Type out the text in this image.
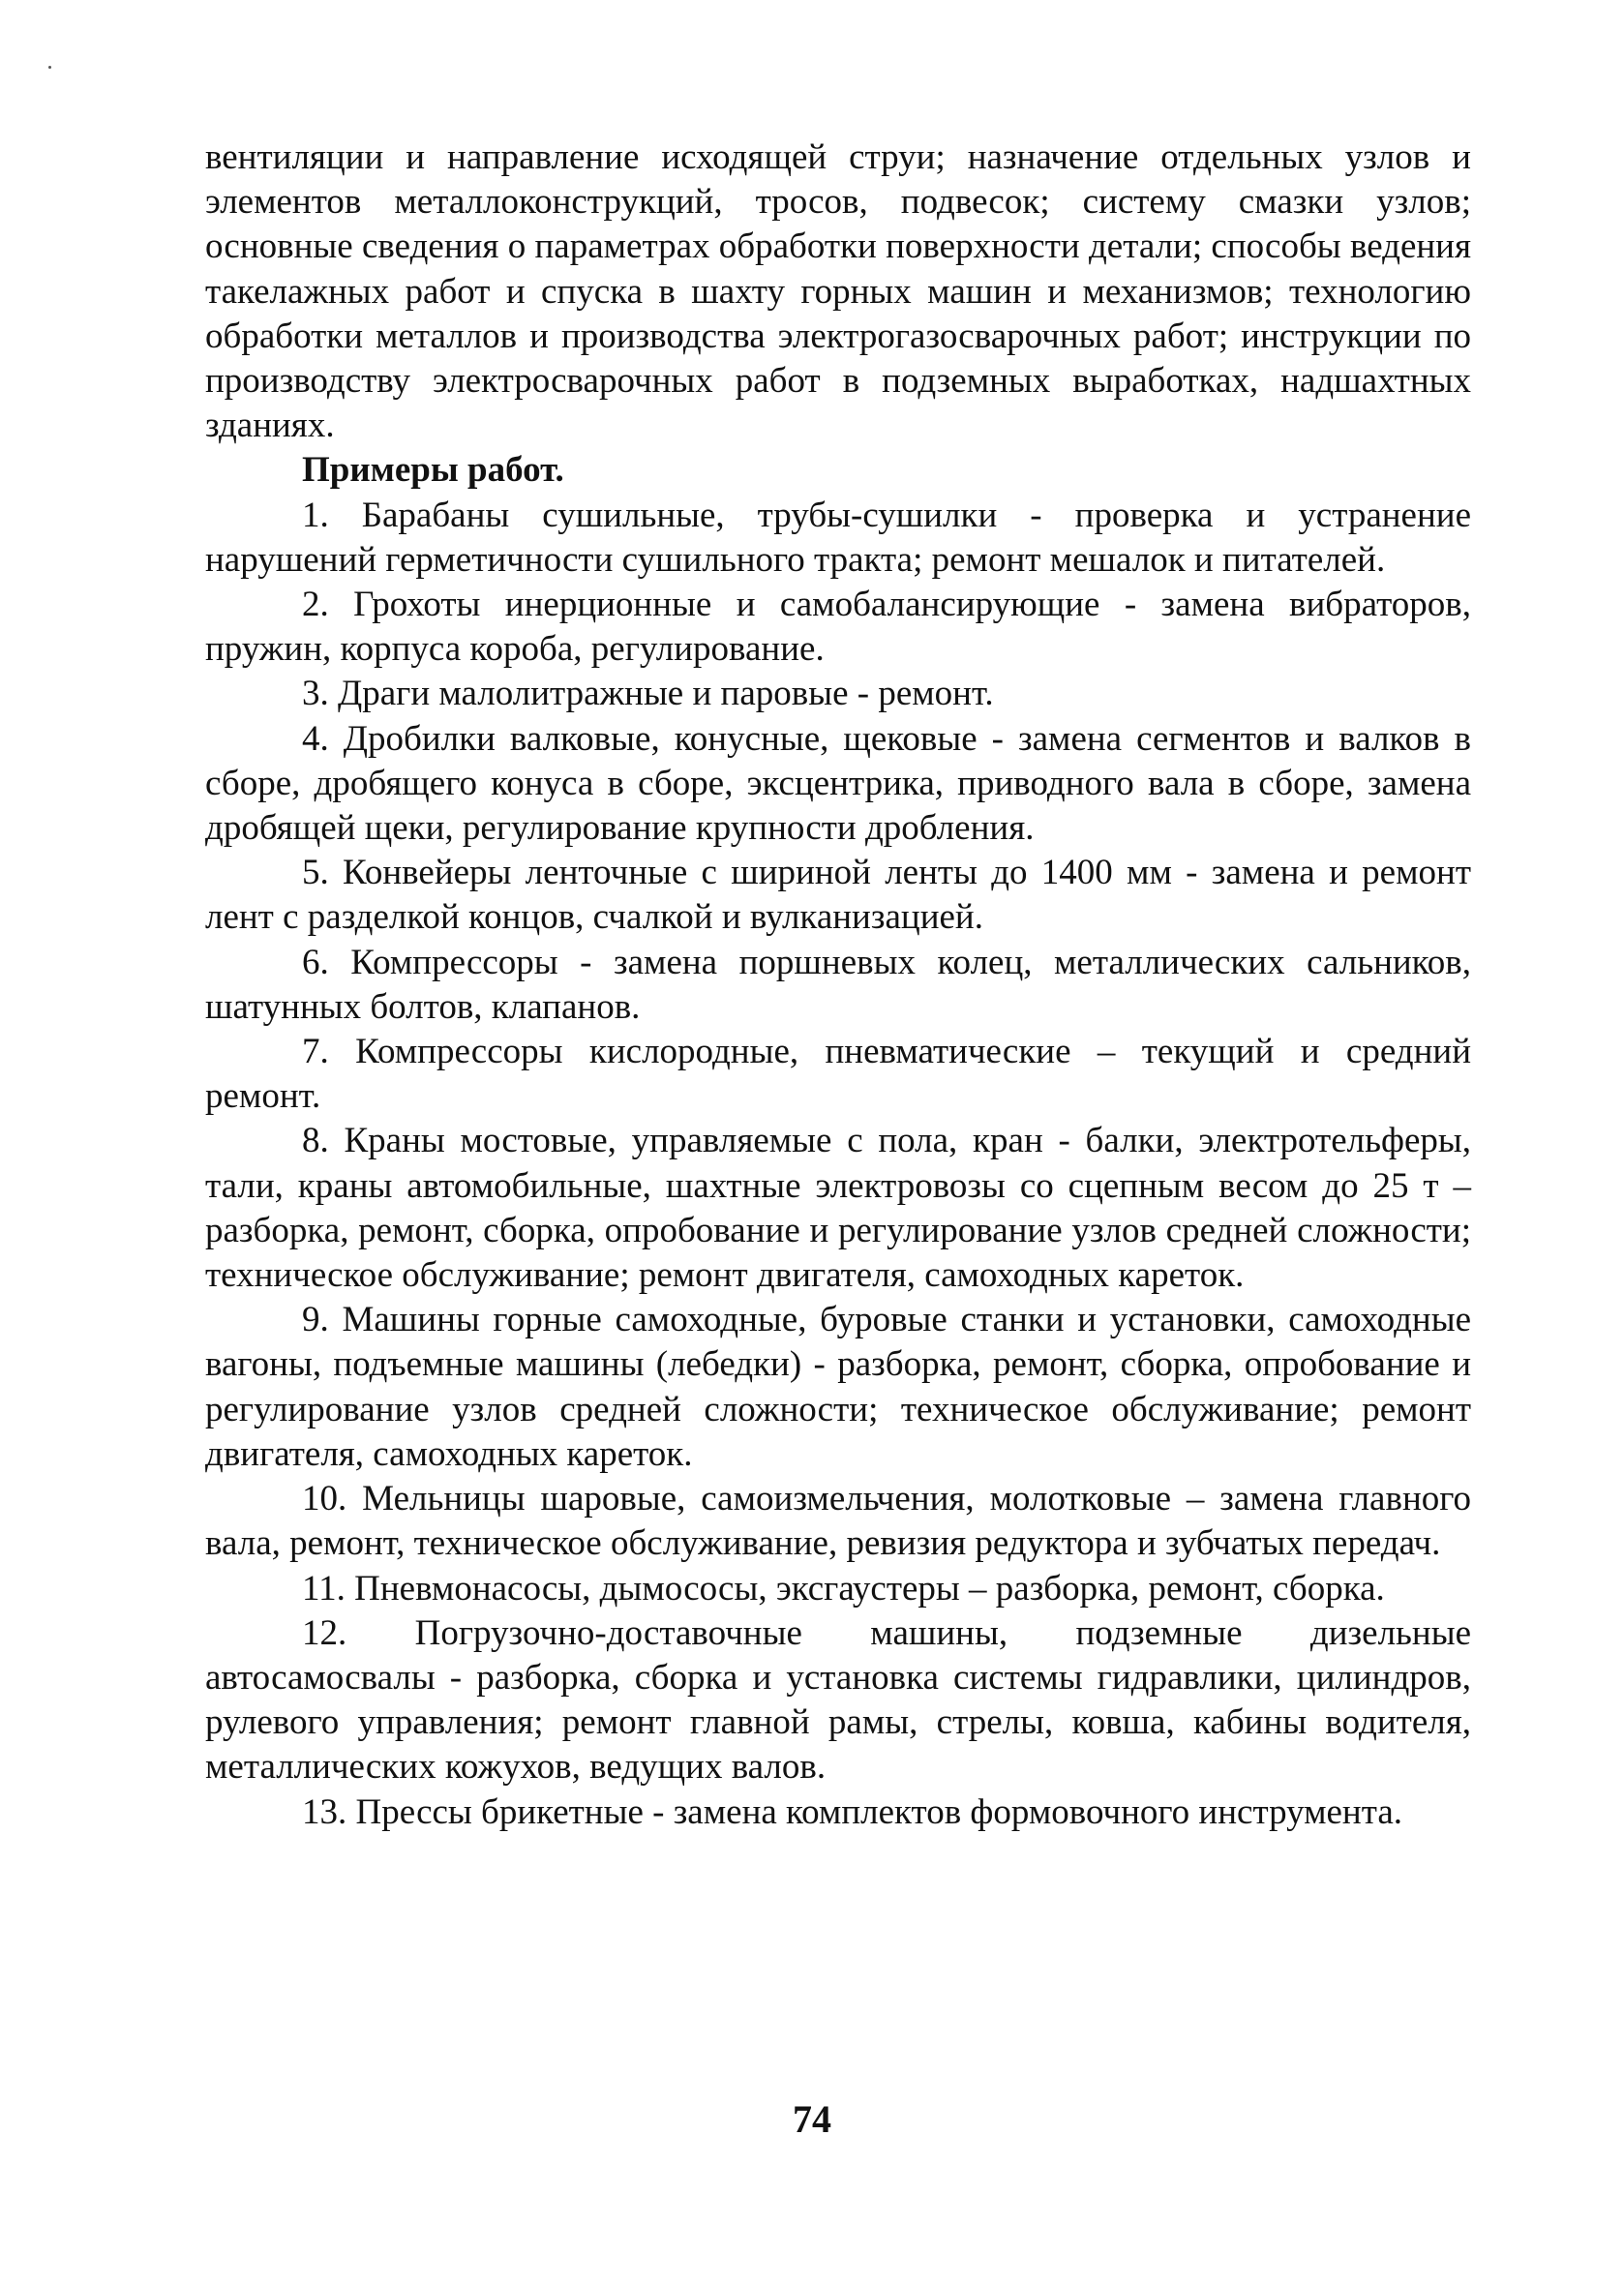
вентиляции и направление исходящей струи; назначение отдельных узлов и элементов металлоконструкций, тросов, подвесок; систему смазки узлов; основные сведения о параметрах обработки поверхности детали; способы ведения такелажных работ и спуска в шахту горных машин и механизмов; технологию обработки металлов и производства электрогазосварочных работ; инструкции по производству электросварочных работ в подземных выработках, надшахтных зданиях.

Примеры работ.

1. Барабаны сушильные, трубы-сушилки - проверка и устранение нарушений герметичности сушильного тракта; ремонт мешалок и питателей.

2. Грохоты инерционные и самобалансирующие - замена вибраторов, пружин, корпуса короба, регулирование.

3. Драги малолитражные и паровые - ремонт.

4. Дробилки валковые, конусные, щековые - замена сегментов и валков в сборе, дробящего конуса в сборе, эксцентрика, приводного вала в сборе, замена дробящей щеки, регулирование крупности дробления.

5. Конвейеры ленточные с шириной ленты до 1400 мм - замена и ремонт лент с разделкой концов, счалкой и вулканизацией.

6. Компрессоры - замена поршневых колец, металлических сальников, шатунных болтов, клапанов.

7. Компрессоры кислородные, пневматические – текущий и средний ремонт.

8. Краны мостовые, управляемые с пола, кран - балки, электротельферы, тали, краны автомобильные, шахтные электровозы со сцепным весом до 25 т – разборка, ремонт, сборка, опробование и регулирование узлов средней сложности; техническое обслуживание; ремонт двигателя, самоходных кареток.

9. Машины горные самоходные, буровые станки и установки, самоходные вагоны, подъемные машины (лебедки) - разборка, ремонт, сборка, опробование и регулирование узлов средней сложности; техническое обслуживание; ремонт двигателя, самоходных кареток.

10. Мельницы шаровые, самоизмельчения, молотковые – замена главного вала, ремонт, техническое обслуживание, ревизия редуктора и зубчатых передач.

11. Пневмонасосы, дымососы, эксгаустеры – разборка, ремонт, сборка.

12. Погрузочно-доставочные машины, подземные дизельные автосамосвалы - разборка, сборка и установка системы гидравлики, цилиндров, рулевого управления; ремонт главной рамы, стрелы, ковша, кабины водителя, металлических кожухов, ведущих валов.

13. Прессы брикетные - замена комплектов формовочного инструмента.

74
